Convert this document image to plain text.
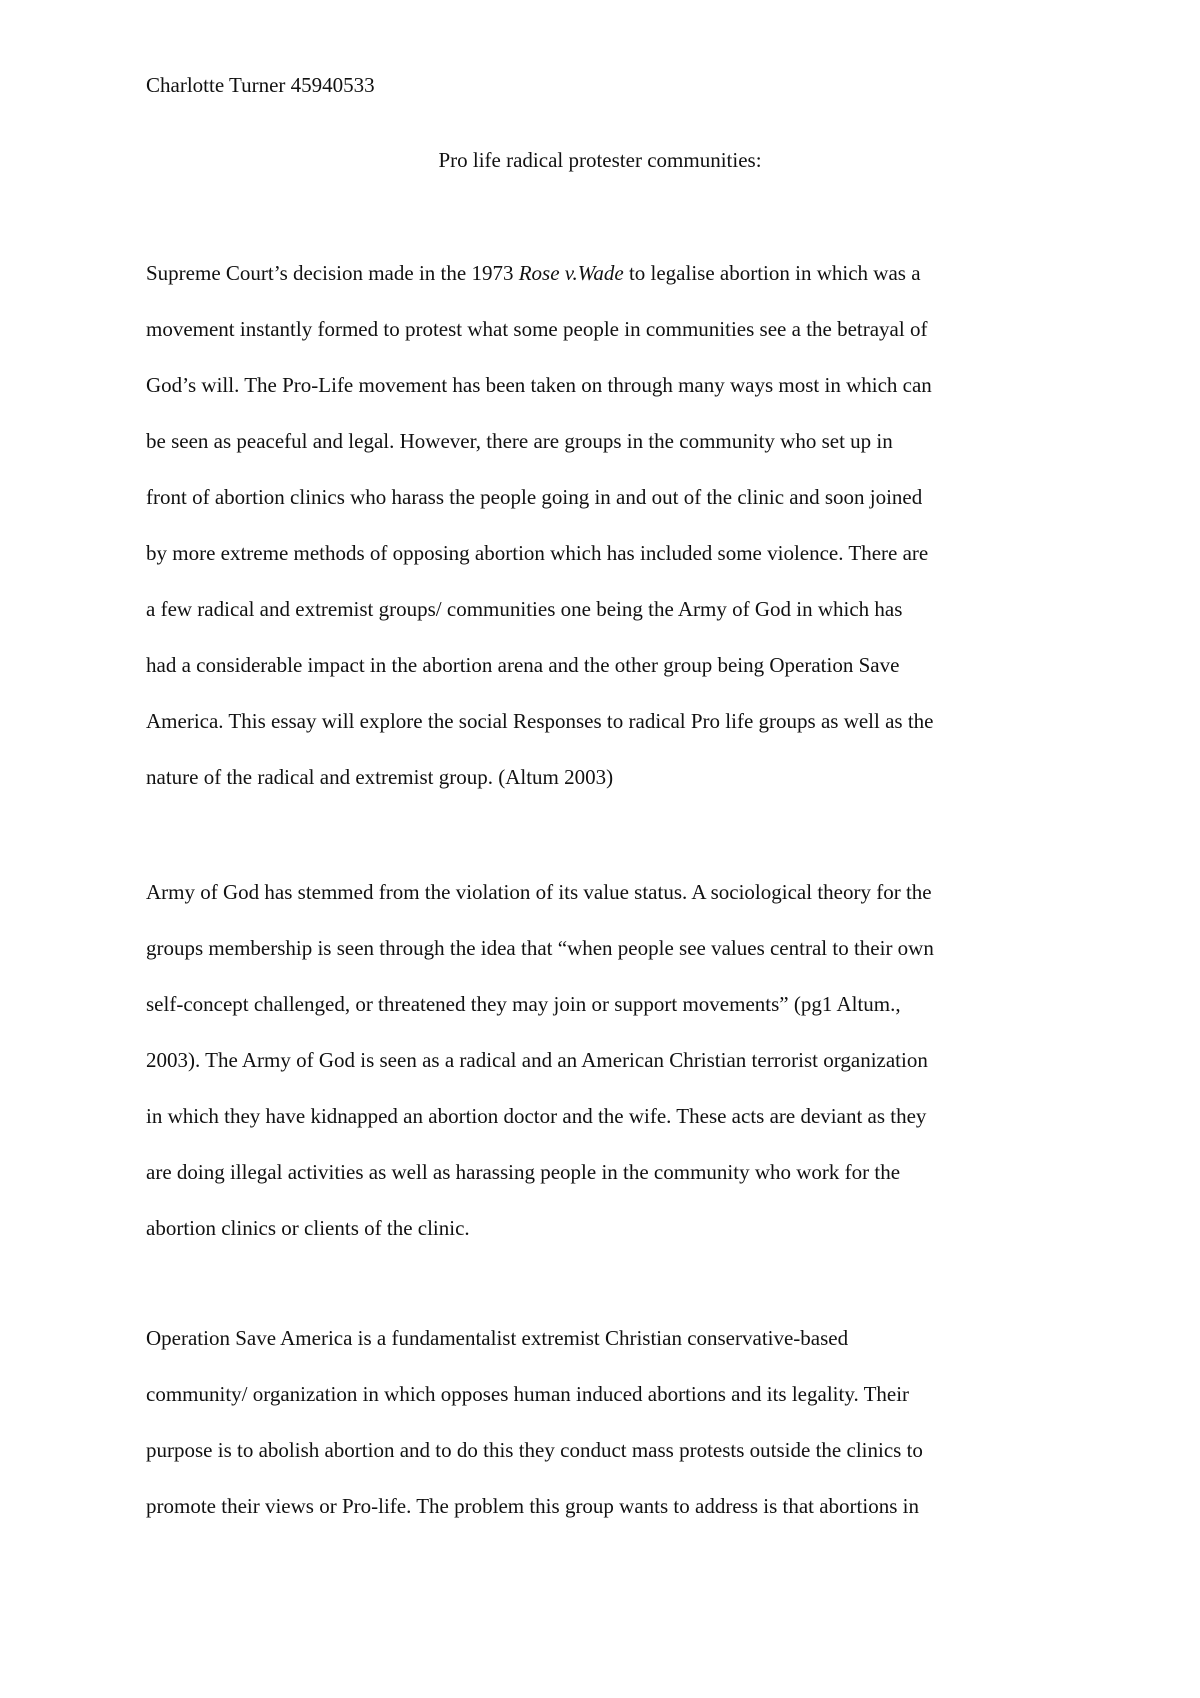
Charlotte Turner 45940533
Pro life radical protester communities:
Supreme Court’s decision made in the 1973 Rose v.Wade to legalise abortion in which was a
movement instantly formed to protest what some people in communities see a the betrayal of
God’s will. The Pro-Life movement has been taken on through many ways most in which can
be seen as peaceful and legal. However, there are groups in the community who set up in
front of abortion clinics who harass the people going in and out of the clinic and soon joined
by more extreme methods of opposing abortion which has included some violence. There are
a few radical and extremist groups/ communities one being the Army of God in which has
had a considerable impact in the abortion arena and the other group being Operation Save
America. This essay will explore the social Responses to radical Pro life groups as well as the
nature of the radical and extremist group. (Altum 2003)
Army of God has stemmed from the violation of its value status. A sociological theory for the
groups membership is seen through the idea that “when people see values central to their own
self-concept challenged, or threatened they may join or support movements” (pg1 Altum.,
2003). The Army of God is seen as a radical and an American Christian terrorist organization
in which they have kidnapped an abortion doctor and the wife. These acts are deviant as they
are doing illegal activities as well as harassing people in the community who work for the
abortion clinics or clients of the clinic.
Operation Save America is a fundamentalist extremist Christian conservative-based
community/ organization in which opposes human induced abortions and its legality. Their
purpose is to abolish abortion and to do this they conduct mass protests outside the clinics to
promote their views or Pro-life. The problem this group wants to address is that abortions in
